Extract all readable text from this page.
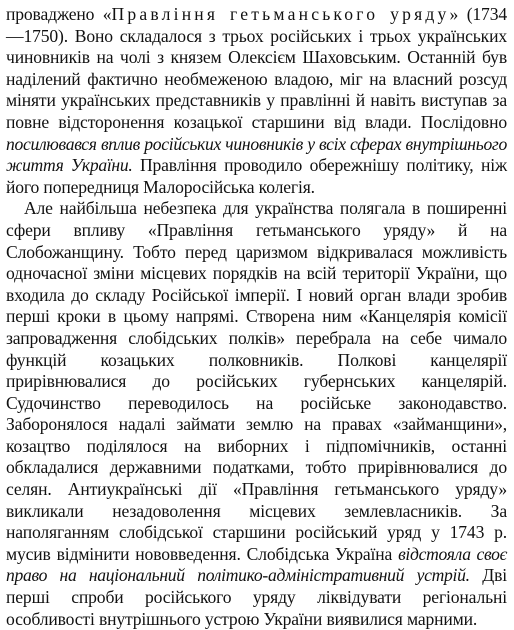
провадженo «Правління гетьманського уряду» (1734—1750). Воно складалося з трьох російських і трьох українських чиновників на чолі з князем Олексієм Шаховським. Останній був наділений фактично необмеженою владою, міг на власний розсуд міняти українських представників у правлінні й навіть виступав за повне відсторонення козацької старшини від влади. Послідовно посилювався вплив російських чиновників у всіх сферах внутрішнього життя України. Правління проводило обережнішу політику, ніж його попередниця Малоросійська колегія.

Але найбільша небезпека для українства полягала в поширенні сфери впливу «Правління гетьманського уряду» й на Слобожанщину. Тобто перед царизмом відкривалася можливість одночасної зміни місцевих порядків на всій території України, що входила до складу Російської імперії. І новий орган влади зробив перші кроки в цьому напрямі. Створена ним «Канцелярія комісії запровадження слобідських полків» перебрала на себе чимало функцій козацьких полковників. Полкові канцелярії прирівнювалися до російських губернських канцелярій. Судочинство переводилось на російське законодавство. Заборонялося надалі займати землю на правах «займанщини», козацтво поділялося на виборних і підпомічників, останні обкладалися державними податками, тобто прирівнювалися до селян. Антиукраїнські дії «Правління гетьманського уряду» викликали незадоволення місцевих землевласників. За наполяганням слобідської старшини російський уряд у 1743 р. мусив відмінити нововведення. Слобідська Україна відстояла своє право на національний політико-адміністративний устрій. Дві перші спроби російського уряду ліквідувати регіональні особливості внутрішнього устрою України виявилися марними.
